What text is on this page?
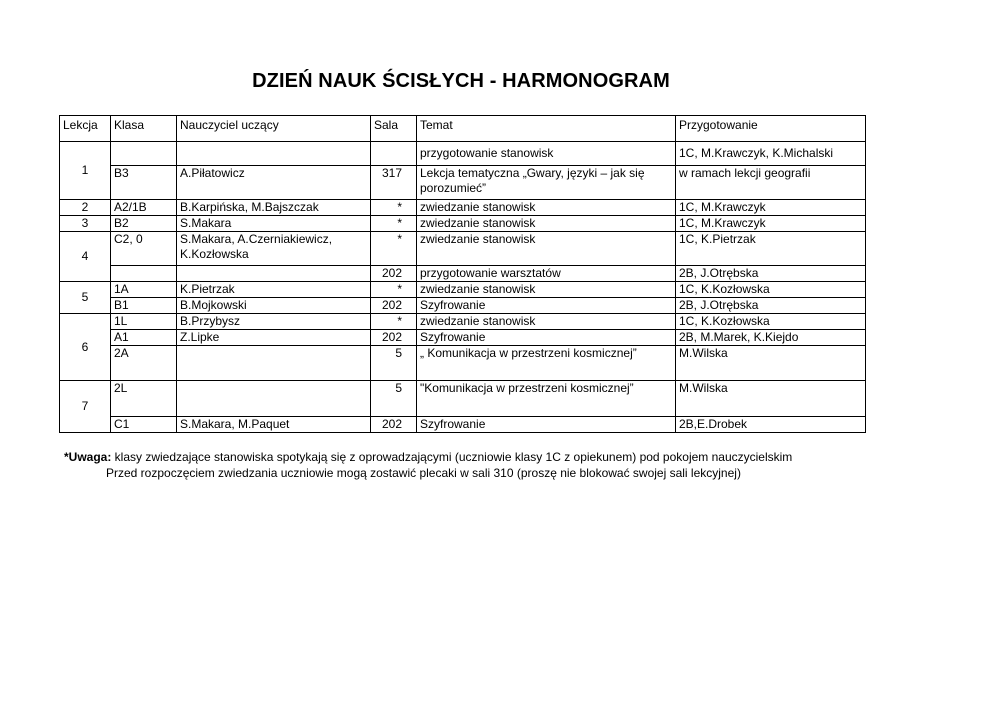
DZIEŃ NAUK ŚCISŁYCH - HARMONOGRAM
Lekcja	Klasa	Nauczyciel uczący	Sala	Temat	Przygotowanie
1				przygotowanie stanowisk	1C, M.Krawczyk, K.Michalski
	B3	A.Piłatowicz	317	Lekcja tematyczna „Gwary, języki – jak się porozumieć”	w ramach lekcji geografii
2	A2/1B	B.Karpińska, M.Bajszczak	*	zwiedzanie stanowisk	1C, M.Krawczyk
3	B2	S.Makara	*	zwiedzanie stanowisk	1C, M.Krawczyk
4	C2, 0	S.Makara, A.Czerniakiewicz, K.Kozłowska	*	zwiedzanie stanowisk	1C, K.Pietrzak
			202	przygotowanie warsztatów	2B, J.Otrębska
5	1A	K.Pietrzak	*	zwiedzanie stanowisk	1C, K.Kozłowska
	B1	B.Mojkowski	202	Szyfrowanie	2B, J.Otrębska
6	1L	B.Przybysz	*	zwiedzanie stanowisk	1C, K.Kozłowska
	A1	Z.Lipke	202	Szyfrowanie	2B, M.Marek, K.Kiejdo
	2A		5	„ Komunikacja w przestrzeni kosmicznej”	M.Wilska
7	2L		5	"Komunikacja w przestrzeni kosmicznej”	M.Wilska
	C1	S.Makara, M.Paquet	202	Szyfrowanie	2B,E.Drobek
*Uwaga: klasy zwiedzające stanowiska spotykają się z oprowadzającymi (uczniowie klasy 1C z opiekunem) pod pokojem nauczycielskim
Przed rozpoczęciem zwiedzania uczniowie mogą zostawić plecaki w sali 310 (proszę nie blokować swojej sali lekcyjnej)
